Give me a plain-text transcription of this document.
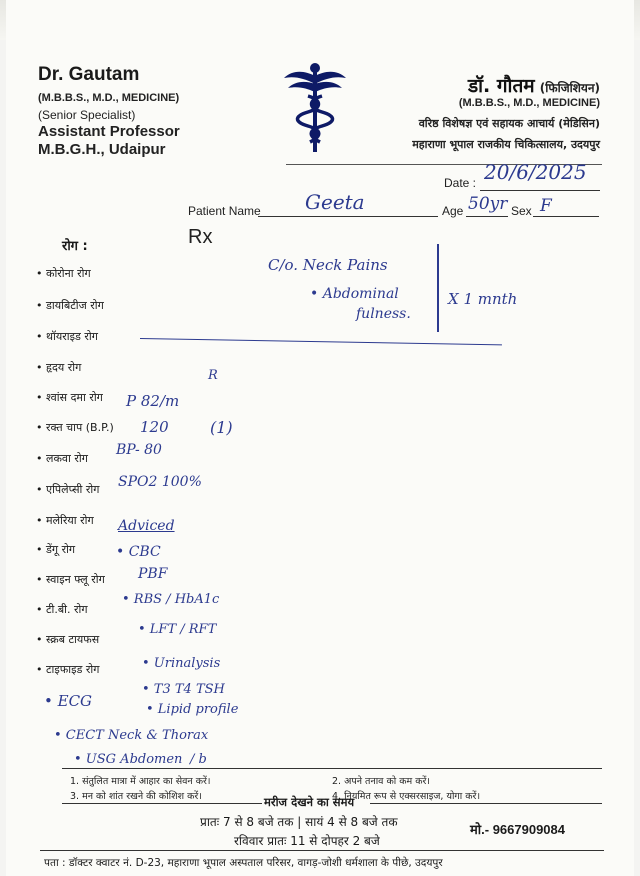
Dr. Gautam
(M.B.B.S., M.D., MEDICINE)
(Senior Specialist)
Assistant Professor
M.B.G.H., Udaipur
डॉ. गौतम (फिजिशियन)
(M.B.B.S., M.D., MEDICINE)
वरिष्ठ विशेषज्ञ एवं सहायक आचार्य (मेडिसिन)
महाराणा भूपाल राजकीय चिकित्सालय, उदयपुर
Date : 20/6/2025
Patient Name Geeta	Age 50yr Sex F
रोग :	Rx
• कोरोना रोग
• डायबिटीज रोग
• थॉयराइड रोग
• हृदय रोग
• श्वांस दमा रोग
• रक्त चाप (B.P.)
• लकवा रोग
• एपिलेप्सी रोग
• मलेरिया रोग
• डेंगू रोग
• स्वाइन फ्लू रोग
• टी.बी. रोग
• स्क्रब टायफस
• टाइफाइड रोग
C/o. Neck Pains
• Abdominal
fulness.
X 1 mnth
R
P 82/m
120	(1)
BP- 80
SPO2 100%
Adviced
• CBC
PBF
• RBS / HbA1c
• LFT / RFT
• Urinalysis
• T3 T4 TSH
• Lipid profile
• ECG
• CECT Neck & Thorax
• USG Abdomen / b
1. संतुलित मात्रा में आहार का सेवन करें।	2. अपने तनाव को कम करें।
3. मन को शांत रखने की कोशिश करें।	4. नियमित रूप से एक्सरसाइज, योगा करें।
मरीज देखने का समय
प्रातः 7 से 8 बजे तक | सायं 4 से 8 बजे तक
रविवार प्रातः 11 से दोपहर 2 बजे
मो.- 9667909084
पता : डॉक्टर क्वाटर नं. D-23, महाराणा भूपाल अस्पताल परिसर, वागड़-जोशी धर्मशाला के पीछे, उदयपुर
